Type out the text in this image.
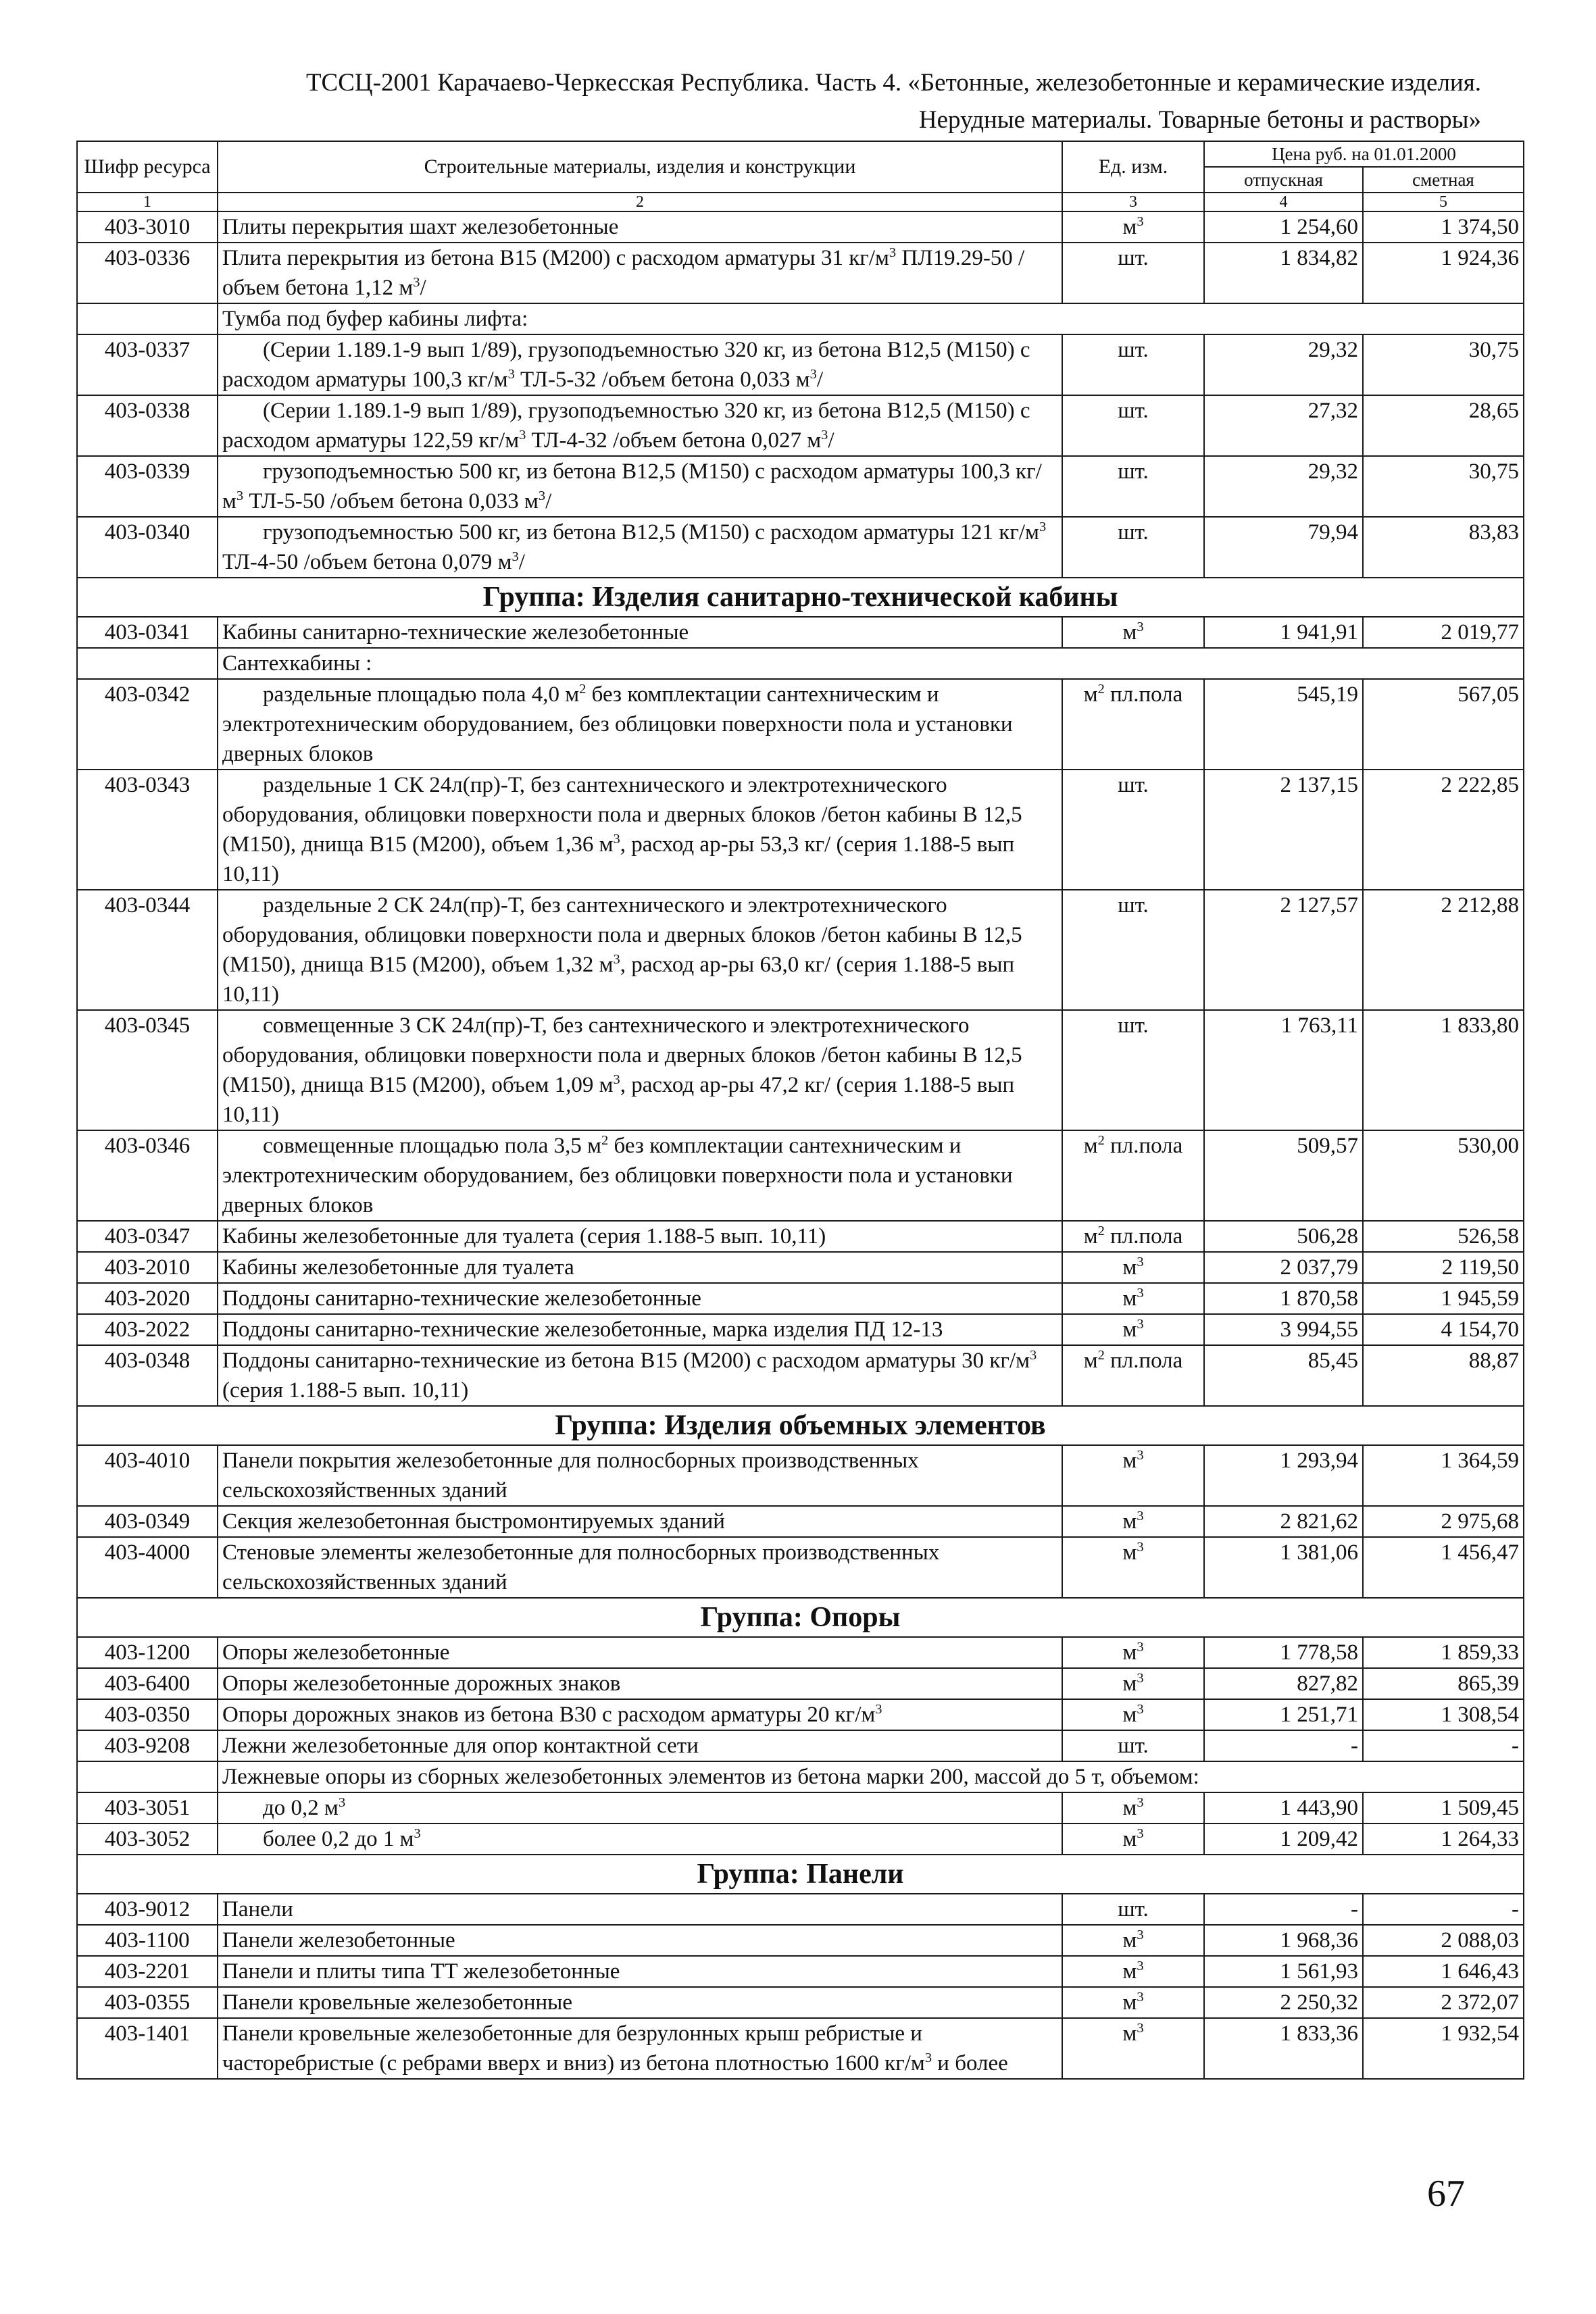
ТССЦ-2001 Карачаево-Черкесская Республика. Часть 4. «Бетонные, железобетонные и керамические изделия.
Нерудные материалы. Товарные бетоны и растворы»
Шифр ресурса	Строительные материалы, изделия и конструкции	Ед. изм.	Цена руб. на 01.01.2000	
			отпускная	сметная
1	2	3	4	5
403-3010	Плиты перекрытия шахт железобетонные	$м^3$	1 254,60	1 374,50
403-0336	Плита перекрытия из бетона B15 (M200) с расходом арматуры 31 $кг/м^3$ ПЛ19.29-50 /объем бетона 1,12 $м^3/$	шт.	1 834,82	1 924,36
	Тумба под буфер кабины лифта:			
403-0337	(Серии 1.189.1-9 вып 1/89), грузоподъемностью 320 кг, из бетона B12,5 (M150) с расходом арматуры 100,3 $кг/м^3$ ТЛ-5-32 /объем бетона 0,033 $м^3/$	шт.	29,32	30,75
403-0338	(Серии 1.189.1-9 вып 1/89), грузоподъемностью 320 кг, из бетона B12,5 (M150) с расходом арматуры 122,59 $кг/м^3$ ТЛ-4-32 /объем бетона 0,027 $м^3/$	шт.	27,32	28,65
403-0339	грузоподъемностью 500 кг, из бетона B12,5 (M150) с расходом арматуры 100,3 $кг/м^3$ ТЛ-5-50 /объем бетона 0,033 $м^3/$	шт.	29,32	30,75
403-0340	грузоподъемностью 500 кг, из бетона B12,5 (M150) с расходом арматуры 121 $кг/м^3$ ТЛ-4-50 /объем бетона 0,079 $м^3/$	шт.	79,94	83,83
Группа: Изделия санитарно-технической кабины				
403-0341	Кабины санитарно-технические железобетонные	$м^3$	1 941,91	2 019,77
	Сантехкабины :			
403-0342	раздельные площадью пола 4,0 $м^2$ без комплектации сантехническим и электротехническим оборудованием, без облицовки поверхности пола и установки дверных блоков	$м^2$ пл.пола	545,19	567,05
403-0343	раздельные 1 СК 24л(пр)-Т, без сантехнического и электротехнического оборудования, облицовки поверхности пола и дверных блоков /бетон кабины B 12,5 (M150), днища B15 (M200), объем 1,36 $м^3$, расход ар-ры 53,3 кг/ (серия 1.188-5 вып 10,11)	шт.	2 137,15	2 222,85
403-0344	раздельные 2 СК 24л(пр)-Т, без сантехнического и электротехнического оборудования, облицовки поверхности пола и дверных блоков /бетон кабины B 12,5 (M150), днища B15 (M200), объем 1,32 $м^3$, расход ар-ры 63,0 кг/ (серия 1.188-5 вып 10,11)	шт.	2 127,57	2 212,88
403-0345	совмещенные 3 СК 24л(пр)-Т, без сантехнического и электротехнического оборудования, облицовки поверхности пола и дверных блоков /бетон кабины B 12,5 (M150), днища B15 (M200), объем 1,09 $м^3$, расход ар-ры 47,2 кг/ (серия 1.188-5 вып 10,11)	шт.	1 763,11	1 833,80
403-0346	совмещенные площадью пола 3,5 $м^2$ без комплектации сантехническим и электротехническим оборудованием, без облицовки поверхности пола и установки дверных блоков	$м^2$ пл.пола	509,57	530,00
403-0347	Кабины железобетонные для туалета (серия 1.188-5 вып. 10,11)	$м^2$ пл.пола	506,28	526,58
403-2010	Кабины железобетонные для туалета	$м^3$	2 037,79	2 119,50
403-2020	Поддоны санитарно-технические железобетонные	$м^3$	1 870,58	1 945,59
403-2022	Поддоны санитарно-технические железобетонные, марка изделия ПД 12-13	$м^3$	3 994,55	4 154,70
403-0348	Поддоны санитарно-технические из бетона B15 (M200) с расходом арматуры 30 $кг/м^3$ (серия 1.188-5 вып. 10,11)	$м^2$ пл.пола	85,45	88,87
Группа: Изделия объемных элементов				
403-4010	Панели покрытия железобетонные для полносборных производственных сельскохозяйственных зданий	$м^3$	1 293,94	1 364,59
403-0349	Секция железобетонная быстромонтируемых зданий	$м^3$	2 821,62	2 975,68
403-4000	Стеновые элементы железобетонные для полносборных производственных сельскохозяйственных зданий	$м^3$	1 381,06	1 456,47
Группа: Опоры				
403-1200	Опоры железобетонные	$м^3$	1 778,58	1 859,33
403-6400	Опоры железобетонные дорожных знаков	$м^3$	827,82	865,39
403-0350	Опоры дорожных знаков из бетона B30 с расходом арматуры 20 $кг/м^3$	$м^3$	1 251,71	1 308,54
403-9208	Лежни железобетонные для опор контактной сети	шт.	-	-
	Лежневые опоры из сборных железобетонных элементов из бетона марки 200, массой до 5 т, объемом:			
403-3051	до 0,2 $м^3$	$м^3$	1 443,90	1 509,45
403-3052	более 0,2 до 1 $м^3$	$м^3$	1 209,42	1 264,33
Группа: Панели				
403-9012	Панели	шт.	-	-
403-1100	Панели железобетонные	$м^3$	1 968,36	2 088,03
403-2201	Панели и плиты типа ТТ железобетонные	$м^3$	1 561,93	1 646,43
403-0355	Панели кровельные железобетонные	$м^3$	2 250,32	2 372,07
403-1401	Панели кровельные железобетонные для безрулонных крыш ребристые и часторебристые (с ребрами вверх и вниз) из бетона плотностью 1600 $кг/м^3$ и более	$м^3$	1 833,36	1 932,54
67
